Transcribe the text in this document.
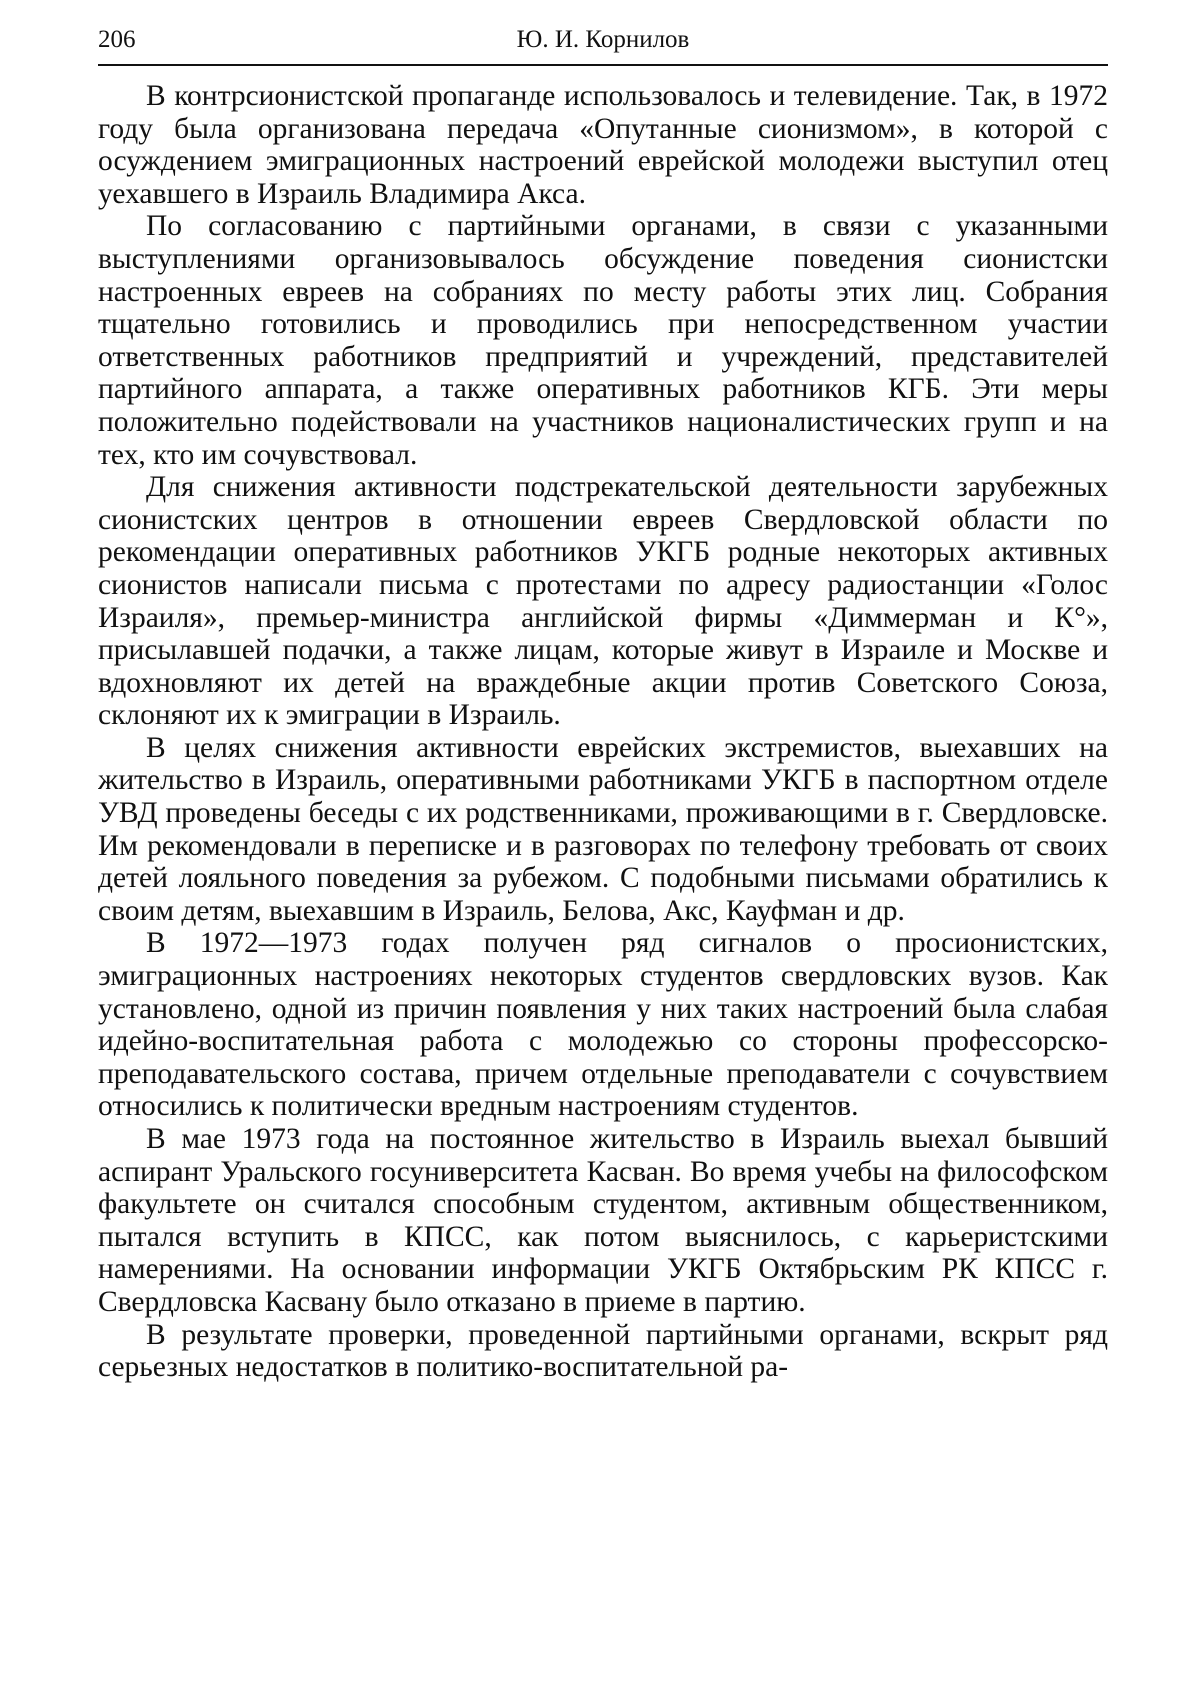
206	Ю. И. Корнилов

В контрсионистской пропаганде использовалось и телевидение. Так, в 1972 году была организована передача «Опутанные сионизмом», в которой с осуждением эмиграционных настроений еврейской молодежи выступил отец уехавшего в Израиль Владимира Акса.

По согласованию с партийными органами, в связи с указанными выступлениями организовывалось обсуждение поведения сионистски настроенных евреев на собраниях по месту работы этих лиц. Собрания тщательно готовились и проводились при непосредственном участии ответственных работников предприятий и учреждений, представителей партийного аппарата, а также оперативных работников КГБ. Эти меры положительно подействовали на участников националистических групп и на тех, кто им сочувствовал.

Для снижения активности подстрекательской деятельности зарубежных сионистских центров в отношении евреев Свердловской области по рекомендации оперативных работников УКГБ родные некоторых активных сионистов написали письма с протестами по адресу радиостанции «Голос Израиля», премьер-министра английской фирмы «Диммерман и К°», присылавшей подачки, а также лицам, которые живут в Израиле и Москве и вдохновляют их детей на враждебные акции против Советского Союза, склоняют их к эмиграции в Израиль.

В целях снижения активности еврейских экстремистов, выехавших на жительство в Израиль, оперативными работниками УКГБ в паспортном отделе УВД проведены беседы с их родственниками, проживающими в г. Свердловске. Им рекомендовали в переписке и в разговорах по телефону требовать от своих детей лояльного поведения за рубежом. С подобными письмами обратились к своим детям, выехавшим в Израиль, Белова, Акс, Кауфман и др.

В 1972—1973 годах получен ряд сигналов о просионистских, эмиграционных настроениях некоторых студентов свердловских вузов. Как установлено, одной из причин появления у них таких настроений была слабая идейно-воспитательная работа с молодежью со стороны профессорско-преподавательского состава, причем отдельные преподаватели с сочувствием относились к политически вредным настроениям студентов.

В мае 1973 года на постоянное жительство в Израиль выехал бывший аспирант Уральского госуниверситета Касван. Во время учебы на философском факультете он считался способным студентом, активным общественником, пытался вступить в КПСС, как потом выяснилось, с карьеристскими намерениями. На основании информации УКГБ Октябрьским РК КПСС г. Свердловска Касвану было отказано в приеме в партию.

В результате проверки, проведенной партийными органами, вскрыт ряд серьезных недостатков в политико-воспитательной ра-
